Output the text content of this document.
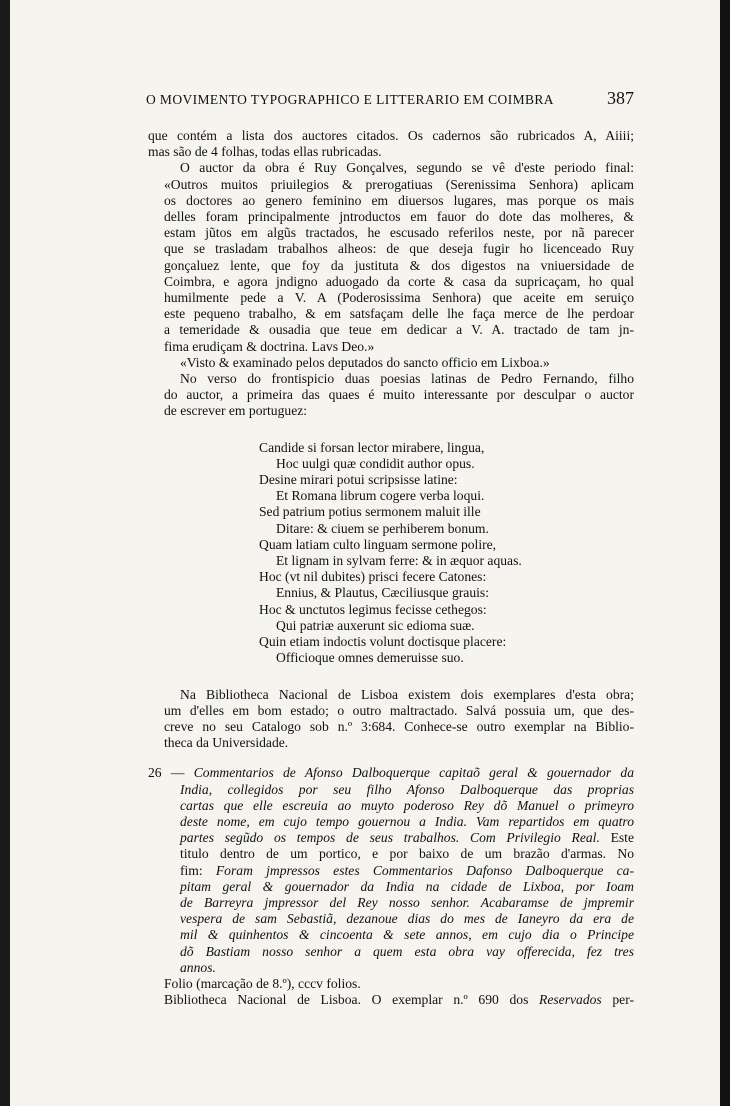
O MOVIMENTO TYPOGRAPHICO E LITTERARIO EM COIMBRA	387
que contém a lista dos auctores citados. Os cadernos são rubricados A, Aiiii;
mas são de 4 folhas, todas ellas rubricadas.
O auctor da obra é Ruy Gonçalves, segundo se vê d'este periodo final:
«Outros muitos priuilegios & prerogatiuas (Serenissima Senhora) aplicam
os doctores ao genero feminino em diuersos lugares, mas porque os mais
delles foram principalmente jntroductos em fauor do dote das molheres, &
estam jũtos em algũs tractados, he escusado referilos neste, por nã parecer
que se trasladam trabalhos alheos: de que deseja fugir ho licenceado Ruy
gonçaluez lente, que foy da justituta & dos digestos na vniuersidade de
Coimbra, e agora jndigno aduogado da corte & casa da supricaçam, ho qual
humilmente pede a V. A (Poderosissima Senhora) que aceite em seruiço
este pequeno trabalho, & em satsfaçam delle lhe faça merce de lhe perdoar
a temeridade & ousadia que teue em dedicar a V. A. tractado de tam jn-
fima erudiçam & doctrina. Lavs Deo.»
«Visto & examinado pelos deputados do sancto officio em Lixboa.»
No verso do frontispicio duas poesias latinas de Pedro Fernando, filho
do auctor, a primeira das quaes é muito interessante por desculpar o auctor
de escrever em portuguez:
Candide si forsan lector mirabere, lingua,
Hoc uulgi quæ condidit author opus.
Desine mirari potui scripsisse latine:
Et Romana librum cogere verba loqui.
Sed patrium potius sermonem maluit ille
Ditare: & ciuem se perhiberem bonum.
Quam latiam culto linguam sermone polire,
Et lignam in sylvam ferre: & in æquor aquas.
Hoc (vt nil dubites) prisci fecere Catones:
Ennius, & Plautus, Cæciliusque grauis:
Hoc & unctutos legimus fecisse cethegos:
Qui patriæ auxerunt sic edioma suæ.
Quin etiam indoctis volunt doctisque placere:
Officioque omnes demeruisse suo.
Na Bibliotheca Nacional de Lisboa existem dois exemplares d'esta obra;
um d'elles em bom estado; o outro maltractado. Salvá possuia um, que des-
creve no seu Catalogo sob n.º 3:684. Conhece-se outro exemplar na Biblio-
theca da Universidade.
26 — Commentarios de Afonso Dalboquerque capitaõ geral & gouernador da
India, collegidos por seu filho Afonso Dalboquerque das proprias
cartas que elle escreuia ao muyto poderoso Rey dõ Manuel o primeyro
deste nome, em cujo tempo gouernou a India. Vam repartidos em quatro
partes segũdo os tempos de seus trabalhos. Com Privilegio Real. Este
titulo dentro de um portico, e por baixo de um brazão d'armas. No
fim: Foram jmpressos estes Commentarios Dafonso Dalboquerque ca-
pitam geral & gouernador da India na cidade de Lixboa, por Ioam
de Barreyra jmpressor del Rey nosso senhor. Acabaramse de jmpremir
vespera de sam Sebastiã, dezanoue dias do mes de Ianeyro da era de
mil & quinhentos & cincoenta & sete annos, em cujo dia o Principe
dõ Bastiam nosso senhor a quem esta obra vay offerecida, fez tres
annos.
Folio (marcação de 8.º), cccv folios.
Bibliotheca Nacional de Lisboa. O exemplar n.º 690 dos Reservados per-
